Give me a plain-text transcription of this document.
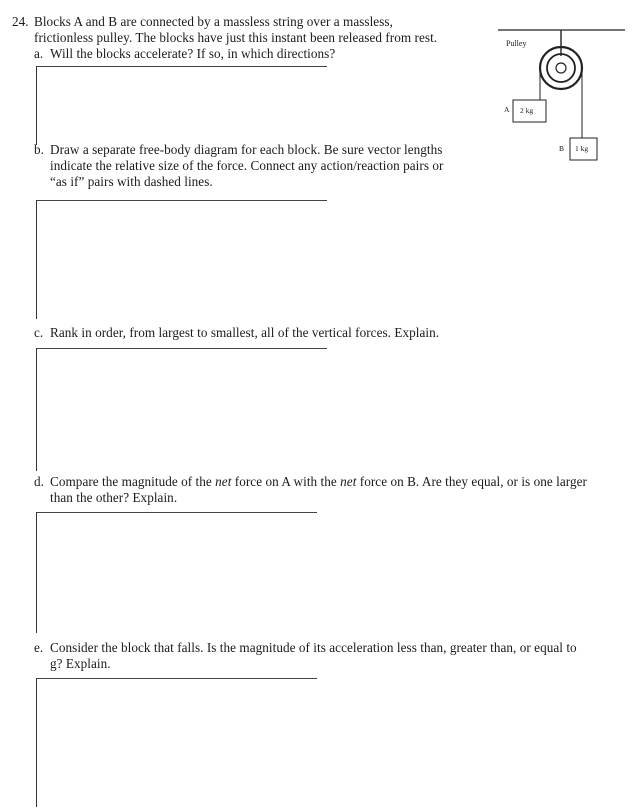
24. Blocks A and B are connected by a massless string over a massless,
frictionless pulley. The blocks have just this instant been released from rest.
a. Will the blocks accelerate? If so, in which directions?
b. Draw a separate free-body diagram for each block. Be sure vector lengths
indicate the relative size of the force. Connect any action/reaction pairs or
“as if” pairs with dashed lines.
c. Rank in order, from largest to smallest, all of the vertical forces. Explain.
d. Compare the magnitude of the net force on A with the net force on B. Are they equal, or is one larger
than the other? Explain.
e. Consider the block that falls. Is the magnitude of its acceleration less than, greater than, or equal to
g? Explain.
Pulley
A 2 kg
B 1 kg
